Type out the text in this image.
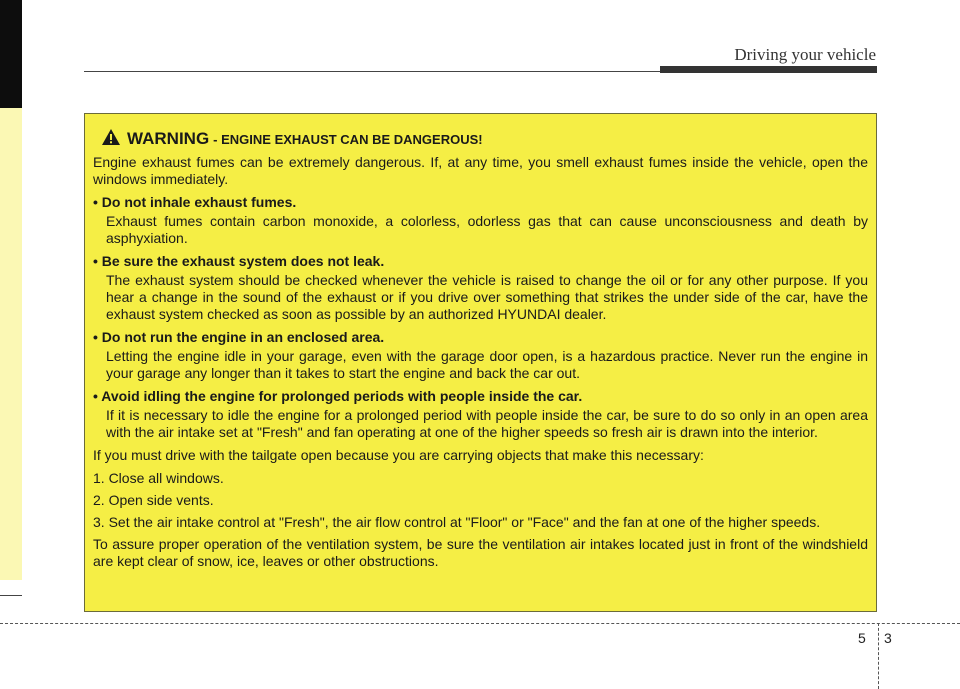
Driving your vehicle
WARNING - ENGINE EXHAUST CAN BE DANGEROUS!

Engine exhaust fumes can be extremely dangerous. If, at any time, you smell exhaust fumes inside the vehicle, open the windows immediately.

• Do not inhale exhaust fumes.
Exhaust fumes contain carbon monoxide, a colorless, odorless gas that can cause unconsciousness and death by asphyxiation.
• Be sure the exhaust system does not leak.
The exhaust system should be checked whenever the vehicle is raised to change the oil or for any other purpose. If you hear a change in the sound of the exhaust or if you drive over something that strikes the under side of the car, have the exhaust system checked as soon as possible by an authorized HYUNDAI dealer.
• Do not run the engine in an enclosed area.
Letting the engine idle in your garage, even with the garage door open, is a hazardous practice. Never run the engine in your garage any longer than it takes to start the engine and back the car out.
• Avoid idling the engine for prolonged periods with people inside the car.
If it is necessary to idle the engine for a prolonged period with people inside the car, be sure to do so only in an open area with the air intake set at "Fresh" and fan operating at one of the higher speeds so fresh air is drawn into the interior.

If you must drive with the tailgate open because you are carrying objects that make this necessary:

1. Close all windows.
2. Open side vents.
3. Set the air intake control at "Fresh", the air flow control at "Floor" or "Face" and the fan at one of the higher speeds.

To assure proper operation of the ventilation system, be sure the ventilation air intakes located just in front of the windshield are kept clear of snow, ice, leaves or other obstructions.

5 3
